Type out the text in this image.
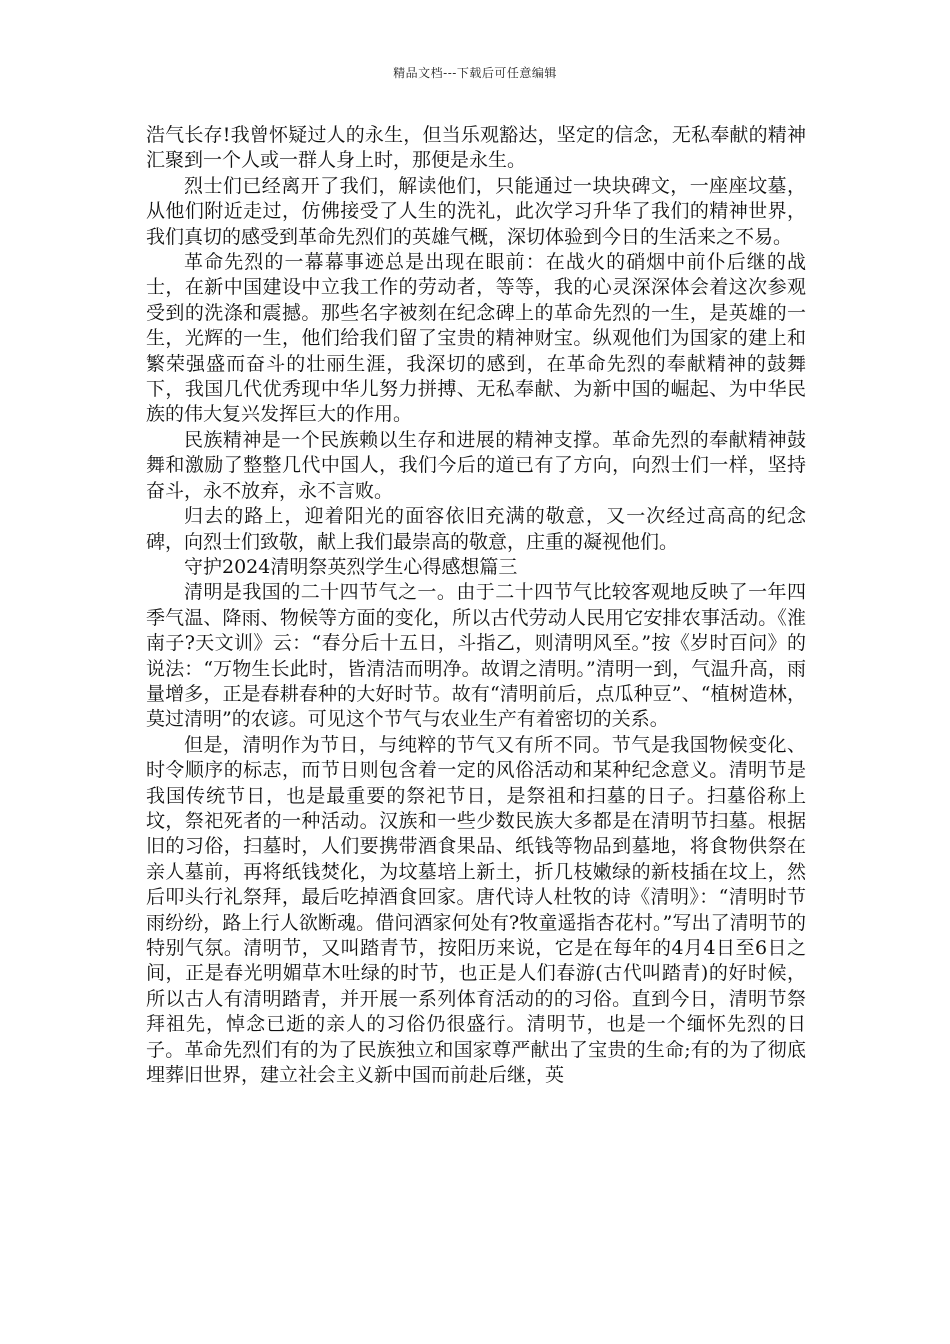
精品文档---下载后可任意编辑

浩气长存!我曾怀疑过人的永生，但当乐观豁达，坚定的信念，无私奉献的精神汇聚到一个人或一群人身上时，那便是永生。

烈士们已经离开了我们，解读他们，只能通过一块块碑文，一座座坟墓，从他们附近走过，仿佛接受了人生的洗礼，此次学习升华了我们的精神世界，我们真切的感受到革命先烈们的英雄气概，深切体验到今日的生活来之不易。

革命先烈的一幕幕事迹总是出现在眼前：在战火的硝烟中前仆后继的战士，在新中国建设中立我工作的劳动者，等等，我的心灵深深体会着这次参观受到的洗涤和震撼。那些名字被刻在纪念碑上的革命先烈的一生，是英雄的一生，光辉的一生，他们给我们留了宝贵的精神财宝。纵观他们为国家的建上和繁荣强盛而奋斗的壮丽生涯，我深切的感到，在革命先烈的奉献精神的鼓舞下，我国几代优秀现中华儿努力拼搏、无私奉献、为新中国的崛起、为中华民族的伟大复兴发挥巨大的作用。

民族精神是一个民族赖以生存和进展的精神支撑。革命先烈的奉献精神鼓舞和激励了整整几代中国人，我们今后的道已有了方向，向烈士们一样，坚持奋斗，永不放弃，永不言败。

归去的路上，迎着阳光的面容依旧充满的敬意，又一次经过高高的纪念碑，向烈士们致敬，献上我们最崇高的敬意，庄重的凝视他们。

守护2024清明祭英烈学生心得感想篇三

清明是我国的二十四节气之一。由于二十四节气比较客观地反映了一年四季气温、降雨、物候等方面的变化，所以古代劳动人民用它安排农事活动。《淮南子?天文训》云：“春分后十五日，斗指乙，则清明风至。”按《岁时百问》的说法：“万物生长此时，皆清洁而明净。故谓之清明。”清明一到，气温升高，雨量增多，正是春耕春种的大好时节。故有“清明前后，点瓜种豆”、“植树造林，莫过清明”的农谚。可见这个节气与农业生产有着密切的关系。

但是，清明作为节日，与纯粹的节气又有所不同。节气是我国物候变化、时令顺序的标志，而节日则包含着一定的风俗活动和某种纪念意义。清明节是我国传统节日，也是最重要的祭祀节日，是祭祖和扫墓的日子。扫墓俗称上坟，祭祀死者的一种活动。汉族和一些少数民族大多都是在清明节扫墓。根据旧的习俗，扫墓时，人们要携带酒食果品、纸钱等物品到墓地，将食物供祭在亲人墓前，再将纸钱焚化，为坟墓培上新土，折几枝嫩绿的新枝插在坟上，然后叩头行礼祭拜，最后吃掉酒食回家。唐代诗人杜牧的诗《清明》：“清明时节雨纷纷，路上行人欲断魂。借问酒家何处有?牧童遥指杏花村。”写出了清明节的特别气氛。清明节，又叫踏青节，按阳历来说，它是在每年的4月4日至6日之间，正是春光明媚草木吐绿的时节，也正是人们春游(古代叫踏青)的好时候，所以古人有清明踏青，并开展一系列体育活动的的习俗。直到今日，清明节祭拜祖先，悼念已逝的亲人的习俗仍很盛行。清明节，也是一个缅怀先烈的日子。革命先烈们有的为了民族独立和国家尊严献出了宝贵的生命;有的为了彻底埋葬旧世界，建立社会主义新中国而前赴后继，英
